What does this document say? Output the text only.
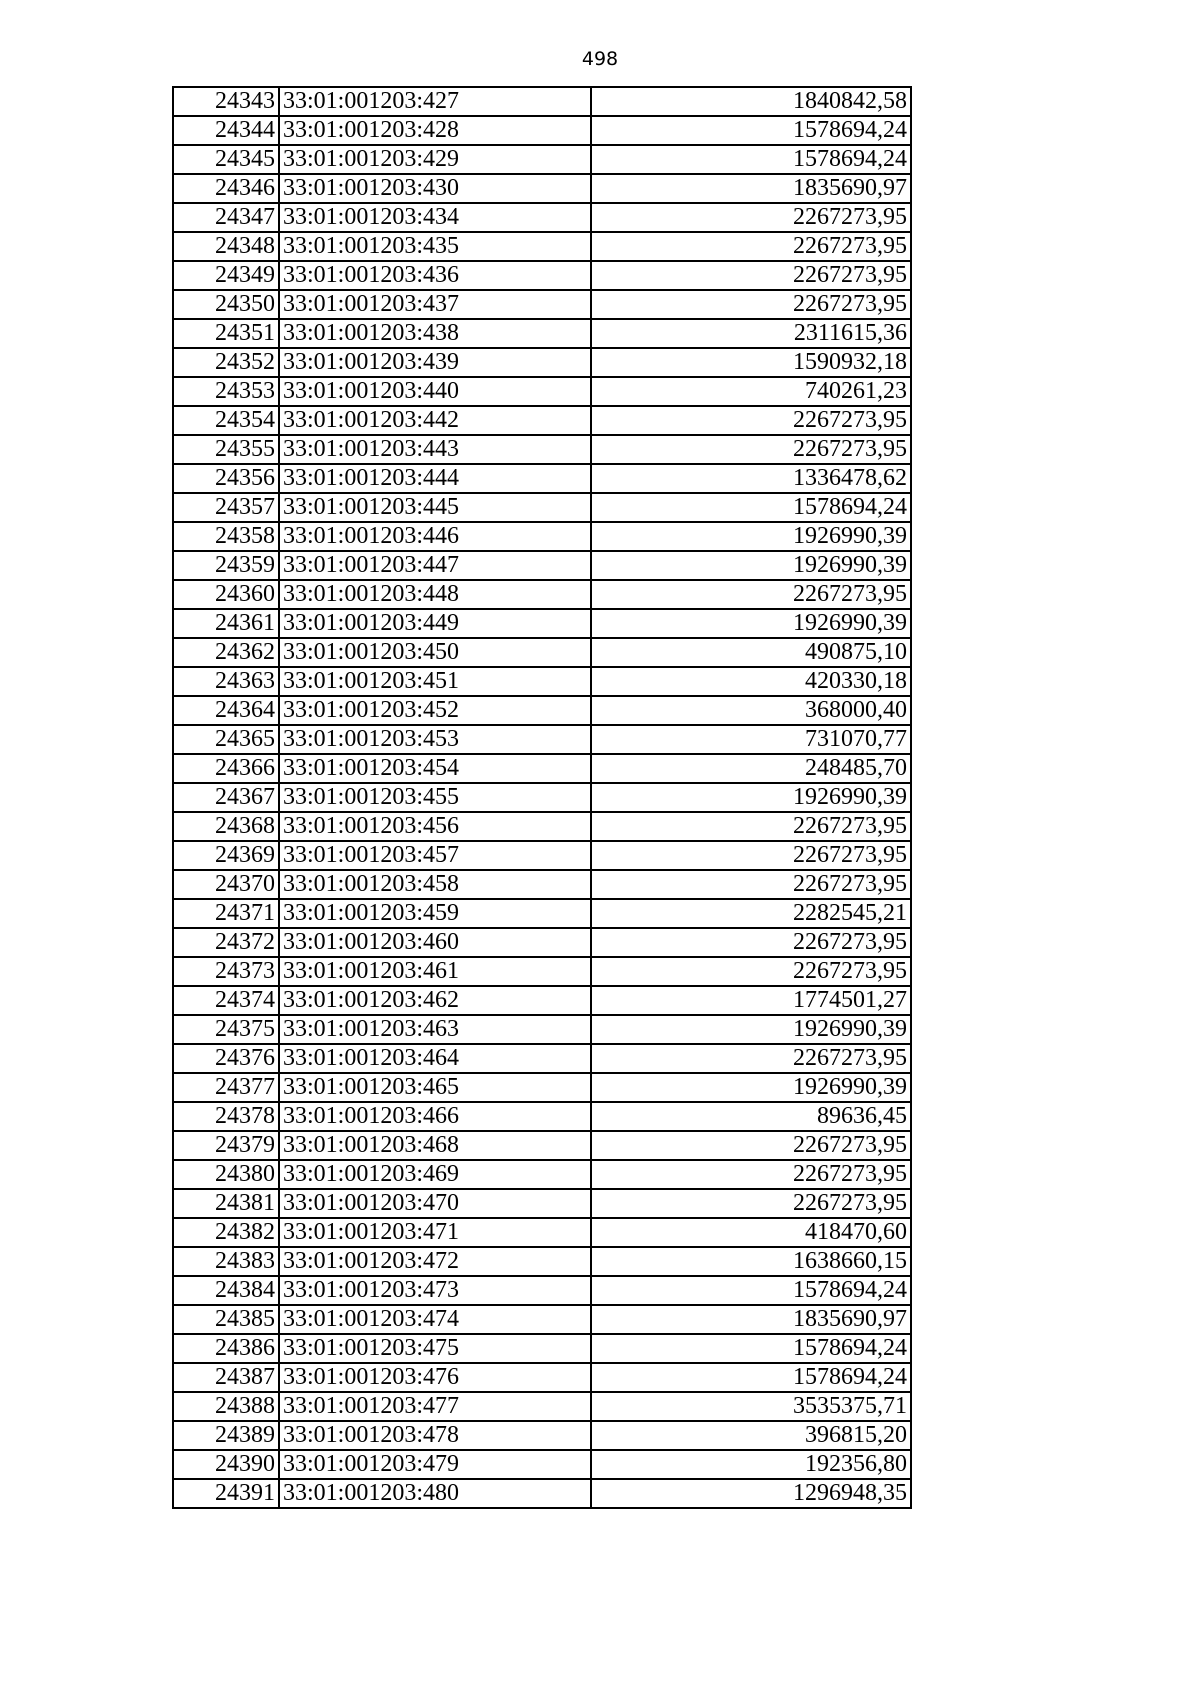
498
24343	33:01:001203:427	1840842,58
24344	33:01:001203:428	1578694,24
24345	33:01:001203:429	1578694,24
24346	33:01:001203:430	1835690,97
24347	33:01:001203:434	2267273,95
24348	33:01:001203:435	2267273,95
24349	33:01:001203:436	2267273,95
24350	33:01:001203:437	2267273,95
24351	33:01:001203:438	2311615,36
24352	33:01:001203:439	1590932,18
24353	33:01:001203:440	740261,23
24354	33:01:001203:442	2267273,95
24355	33:01:001203:443	2267273,95
24356	33:01:001203:444	1336478,62
24357	33:01:001203:445	1578694,24
24358	33:01:001203:446	1926990,39
24359	33:01:001203:447	1926990,39
24360	33:01:001203:448	2267273,95
24361	33:01:001203:449	1926990,39
24362	33:01:001203:450	490875,10
24363	33:01:001203:451	420330,18
24364	33:01:001203:452	368000,40
24365	33:01:001203:453	731070,77
24366	33:01:001203:454	248485,70
24367	33:01:001203:455	1926990,39
24368	33:01:001203:456	2267273,95
24369	33:01:001203:457	2267273,95
24370	33:01:001203:458	2267273,95
24371	33:01:001203:459	2282545,21
24372	33:01:001203:460	2267273,95
24373	33:01:001203:461	2267273,95
24374	33:01:001203:462	1774501,27
24375	33:01:001203:463	1926990,39
24376	33:01:001203:464	2267273,95
24377	33:01:001203:465	1926990,39
24378	33:01:001203:466	89636,45
24379	33:01:001203:468	2267273,95
24380	33:01:001203:469	2267273,95
24381	33:01:001203:470	2267273,95
24382	33:01:001203:471	418470,60
24383	33:01:001203:472	1638660,15
24384	33:01:001203:473	1578694,24
24385	33:01:001203:474	1835690,97
24386	33:01:001203:475	1578694,24
24387	33:01:001203:476	1578694,24
24388	33:01:001203:477	3535375,71
24389	33:01:001203:478	396815,20
24390	33:01:001203:479	192356,80
24391	33:01:001203:480	1296948,35
